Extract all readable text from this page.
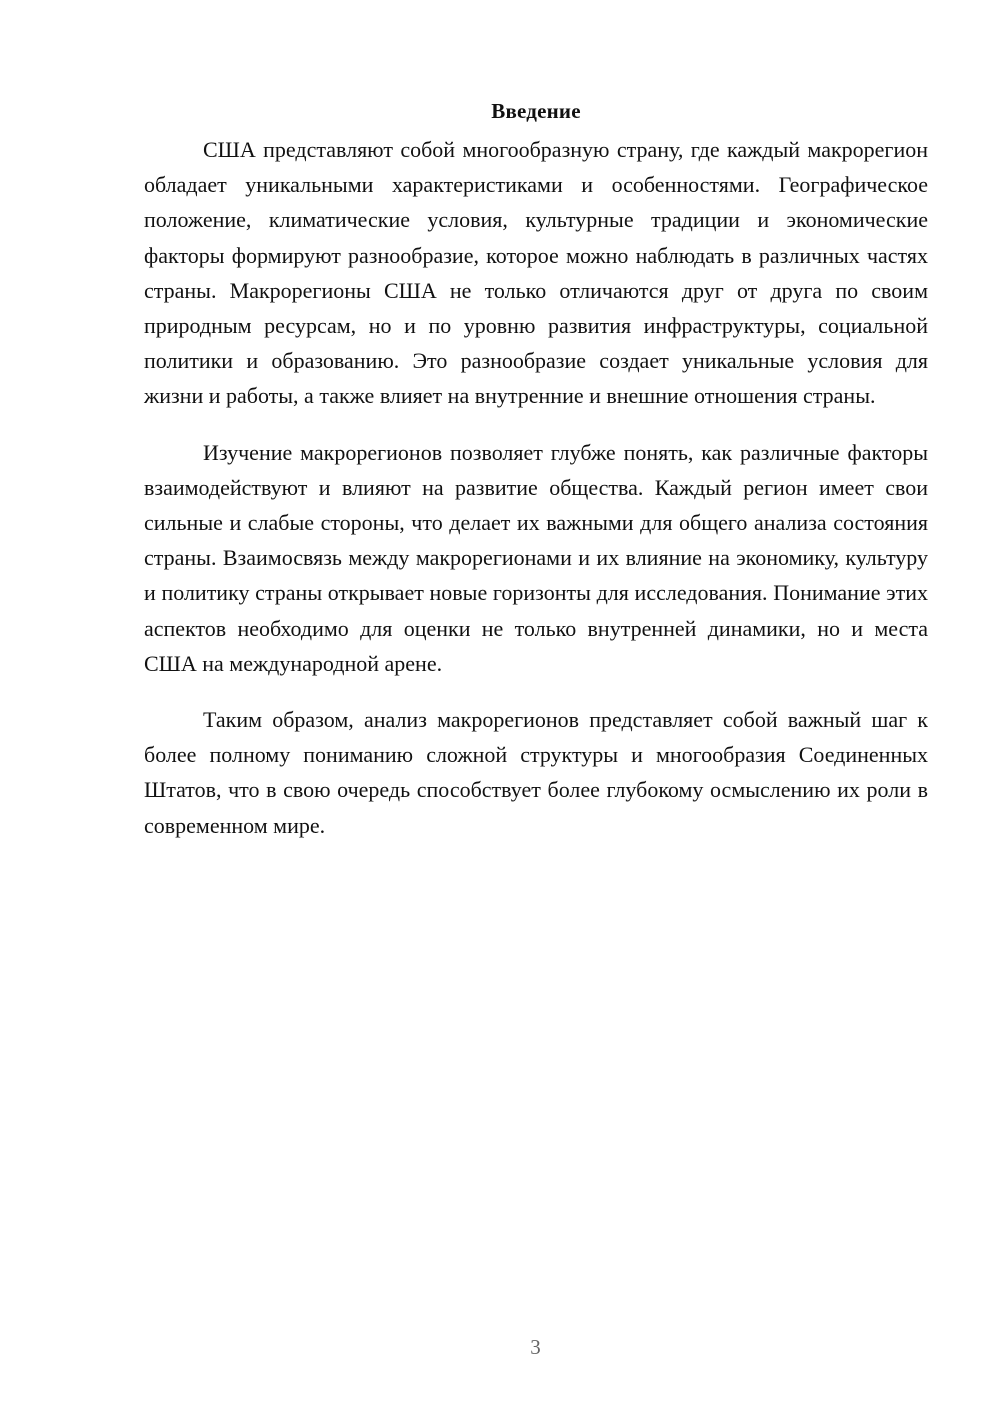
Введение

США представляют собой многообразную страну, где каждый макрорегион обладает уникальными характеристиками и особенностями. Географическое положение, климатические условия, культурные традиции и экономические факторы формируют разнообразие, которое можно наблюдать в различных частях страны. Макрорегионы США не только отличаются друг от друга по своим природным ресурсам, но и по уровню развития инфраструктуры, социальной политики и образованию. Это разнообразие создает уникальные условия для жизни и работы, а также влияет на внутренние и внешние отношения страны.

Изучение макрорегионов позволяет глубже понять, как различные факторы взаимодействуют и влияют на развитие общества. Каждый регион имеет свои сильные и слабые стороны, что делает их важными для общего анализа состояния страны. Взаимосвязь между макрорегионами и их влияние на экономику, культуру и политику страны открывает новые горизонты для исследования. Понимание этих аспектов необходимо для оценки не только внутренней динамики, но и места США на международной арене.

Таким образом, анализ макрорегионов представляет собой важный шаг к более полному пониманию сложной структуры и многообразия Соединенных Штатов, что в свою очередь способствует более глубокому осмыслению их роли в современном мире.

3
